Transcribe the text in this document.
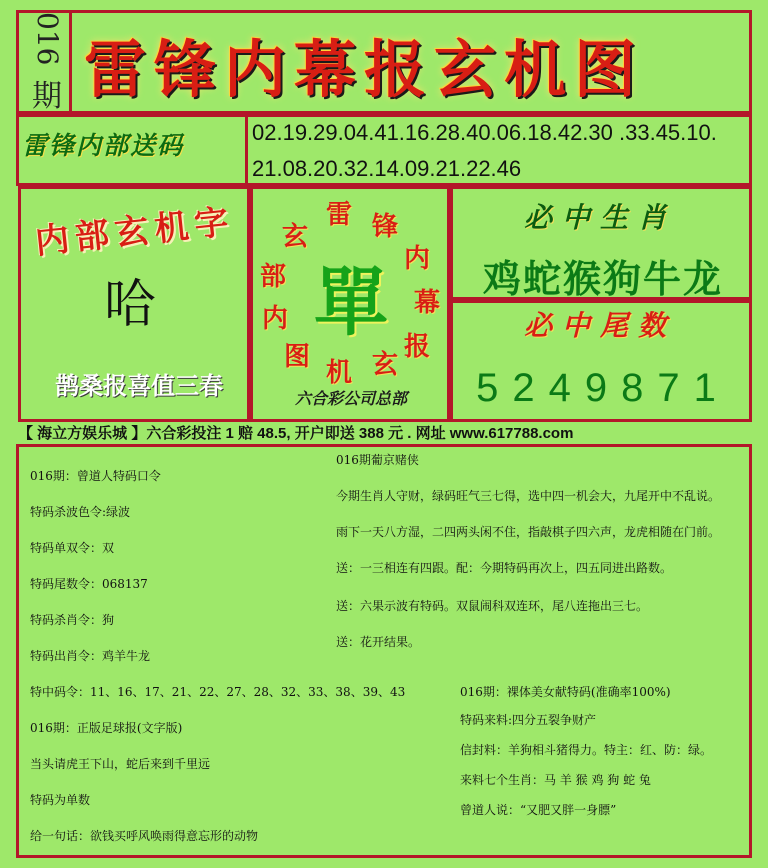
016
期 雷锋内幕报玄机图
雷锋内部送码	02.19.29.04.41.16.28.40.06.18.42.30 .33.45.10.
21.08.20.32.14.09.21.22.46
内部玄机字
哈
鹊桑报喜值三春
雷 锋
内
幕
报
玄
机
图
内
部
玄
單
六合彩公司总部
必中生肖
鸡蛇猴狗牛龙
必中尾数
5249871
【 海立方娱乐城 】六合彩投注 1 赔 48.5, 开户即送 388 元 . 网址 www.617788.com
016期：曾道人特码口令
特码杀波色令:绿波
特码单双令：双
特码尾数令：068137
特码杀肖令：狗
特码出肖令：鸡羊牛龙
016期葡京赌侠
今期生肖人守财，绿码旺气三七得，选中四一机会大，九尾开中不乱说。
雨下一天八方湿，二四两头闲不住，指敲棋子四六声，龙虎相随在门前。
送：一三相连有四跟。配：今期特码再次上，四五同进出路数。
送：六果示波有特码。双鼠闹科双连环，尾八连拖出三七。
送：花开结果。
特中码令：11、16、17、21、22、27、28、32、33、38、39、43
016期：正版足球报(文字版)
当头请虎王下山，蛇后来到千里远
特码为单数
给一句话：欲钱买呼风唤雨得意忘形的动物
016期：裸体美女献特码(准确率100%)
特码来料:四分五裂争财产
信封料：羊狗相斗猪得力。特主：红、防：绿。
来料七个生肖：马 羊 猴 鸡 狗 蛇 兔
曾道人说：“又肥又胖一身膘”
